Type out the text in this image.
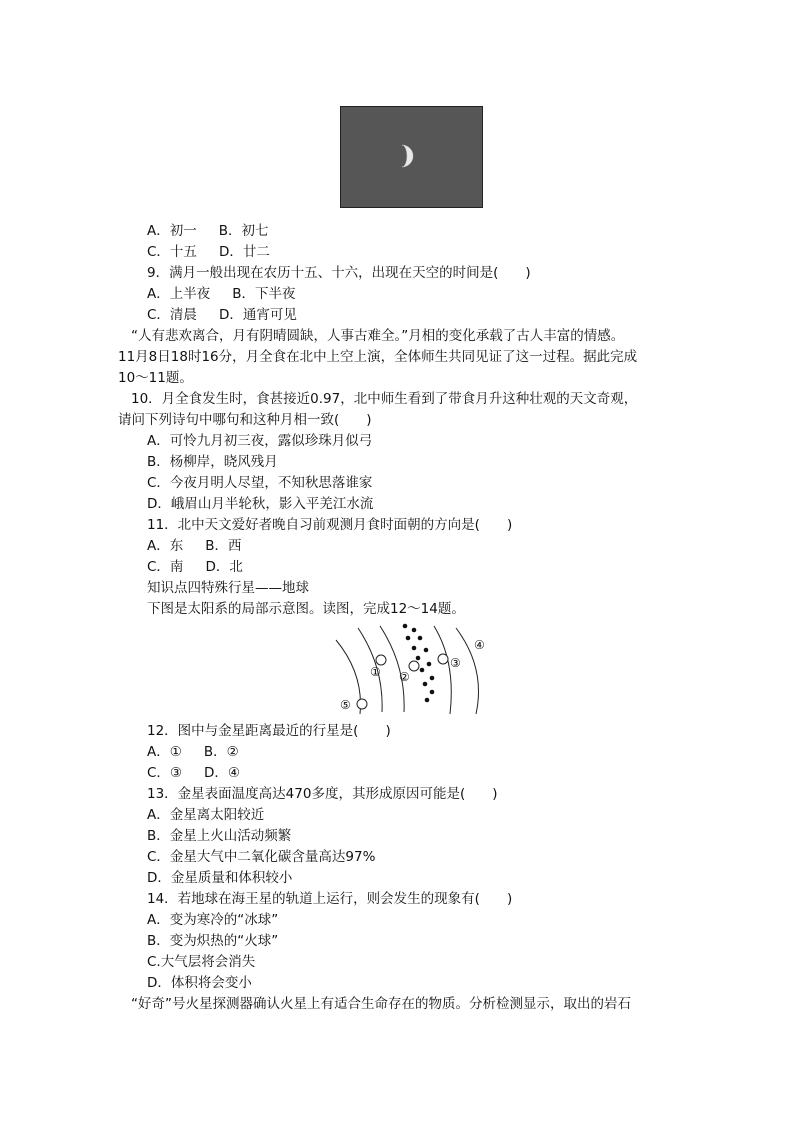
A．初一 B．初七
C．十五 D．廿二
9．满月一般出现在农历十五、十六，出现在天空的时间是(　　)
A．上半夜 B．下半夜
C．清晨 D．通宵可见
“人有悲欢离合，月有阴晴圆缺，人事古难全。”月相的变化承载了古人丰富的情感。
11月8日18时16分，月全食在北中上空上演，全体师生共同见证了这一过程。据此完成
10～11题。
10．月全食发生时，食甚接近0.97，北中师生看到了带食月升这种壮观的天文奇观，
请问下列诗句中哪句和这种月相一致(　　)
A．可怜九月初三夜，露似珍珠月似弓
B．杨柳岸，晓风残月
C．今夜月明人尽望，不知秋思落谁家
D．峨眉山月半轮秋，影入平羌江水流
11．北中天文爱好者晚自习前观测月食时面朝的方向是(　　)
A．东 B．西
C．南 D．北
知识点四特殊行星——地球
下图是太阳系的局部示意图。读图，完成12～14题。
① ②
③
④
⑤
12．图中与金星距离最近的行星是(　　)
A．① B．②
C．③ D．④
13．金星表面温度高达470多度，其形成原因可能是(　　)
A．金星离太阳较近
B．金星上火山活动频繁
C．金星大气中二氧化碳含量高达97%
D．金星质量和体积较小
14．若地球在海王星的轨道上运行，则会发生的现象有(　　)
A．变为寒冷的“冰球”
B．变为炽热的“火球”
C.大气层将会消失
D．体积将会变小
“好奇”号火星探测器确认火星上有适合生命存在的物质。分析检测显示，取出的岩石
